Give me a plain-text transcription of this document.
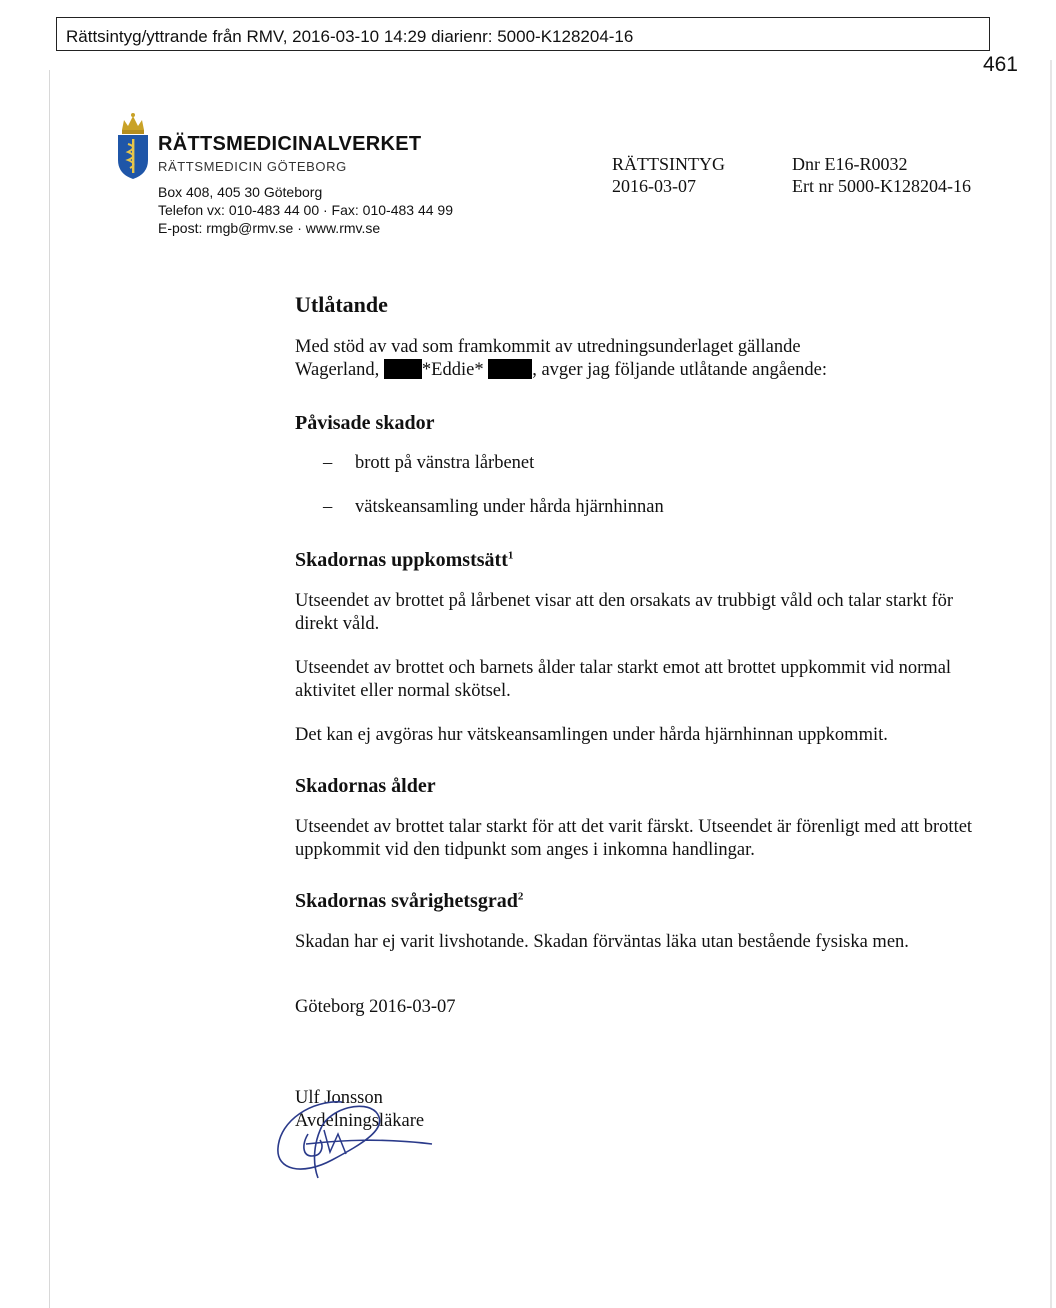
Rättsintyg/yttrande från RMV, 2016-03-10 14:29 diarienr: 5000-K128204-16
461
RÄTTSMEDICINALVERKET
RÄTTSMEDICIN GÖTEBORG
Box 408, 405 30 Göteborg
Telefon vx: 010-483 44 00 · Fax: 010-483 44 99
E-post: rmgb@rmv.se · www.rmv.se
RÄTTSINTYG
2016-03-07
Dnr E16-R0032
Ert nr 5000-K128204-16
Utlåtande

Med stöd av vad som framkommit av utredningsunderlaget gällande
Wagerland, *Eddie*	, avger jag följande utlåtande angående:

Påvisade skador
– brott på vänstra lårbenet
– vätskeansamling under hårda hjärnhinnan
Skadornas uppkomstsätt$^1$

Utseendet av brottet på lårbenet visar att den orsakats av trubbigt våld och talar starkt för direkt våld.

Utseendet av brottet och barnets ålder talar starkt emot att brottet uppkommit vid normal aktivitet eller normal skötsel.

Det kan ej avgöras hur vätskeansamlingen under hårda hjärnhinnan uppkommit.

Skadornas ålder

Utseendet av brottet talar starkt för att det varit färskt. Utseendet är förenligt med att brottet uppkommit vid den tidpunkt som anges i inkomna handlingar.

Skadornas svårighetsgrad$^2$

Skadan har ej varit livshotande. Skadan förväntas läka utan bestående fysiska men.

Göteborg 2016-03-07

Ulf Jonsson

Avdelningsläkare
